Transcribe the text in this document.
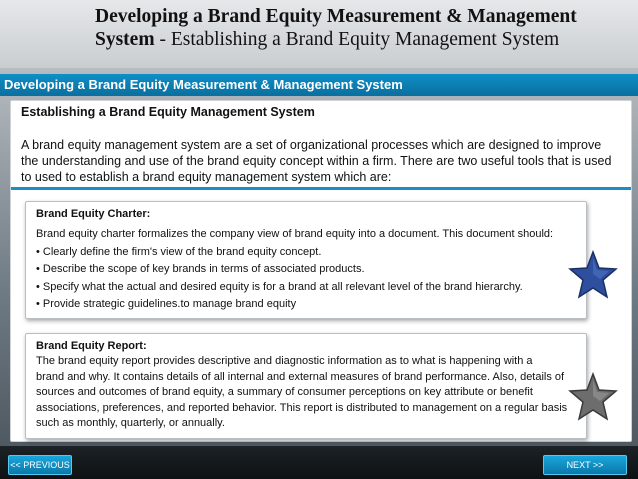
Developing a Brand Equity Measurement & Management
System - Establishing a Brand Equity Management System
Developing a Brand Equity Measurement & Management System
Establishing a Brand Equity Management System
A brand equity management system are a set of organizational processes which are designed to improve the understanding and use of the brand equity concept within a firm. There are two useful tools that is used to used to establish a brand equity management system which are:
Brand Equity Charter:
Brand equity charter formalizes the company view of brand equity into a document. This document should:
• Clearly define the firm's view of the brand equity concept.
• Describe the scope of key brands in terms of associated products.
• Specify what the actual and desired equity is for a brand at all relevant level of the brand hierarchy.
• Provide strategic guidelines.to manage brand equity
Brand Equity Report:
The brand equity report provides descriptive and diagnostic information as to what is happening with a
brand and why. It contains details of all internal and external measures of brand performance. Also, details of
sources and outcomes of brand equity, a summary of consumer perceptions on key attribute or benefit
associations, preferences, and reported behavior. This report is distributed to management on a regular basis
such as monthly, quarterly, or annually.
<< PREVIOUS	NEXT >>
